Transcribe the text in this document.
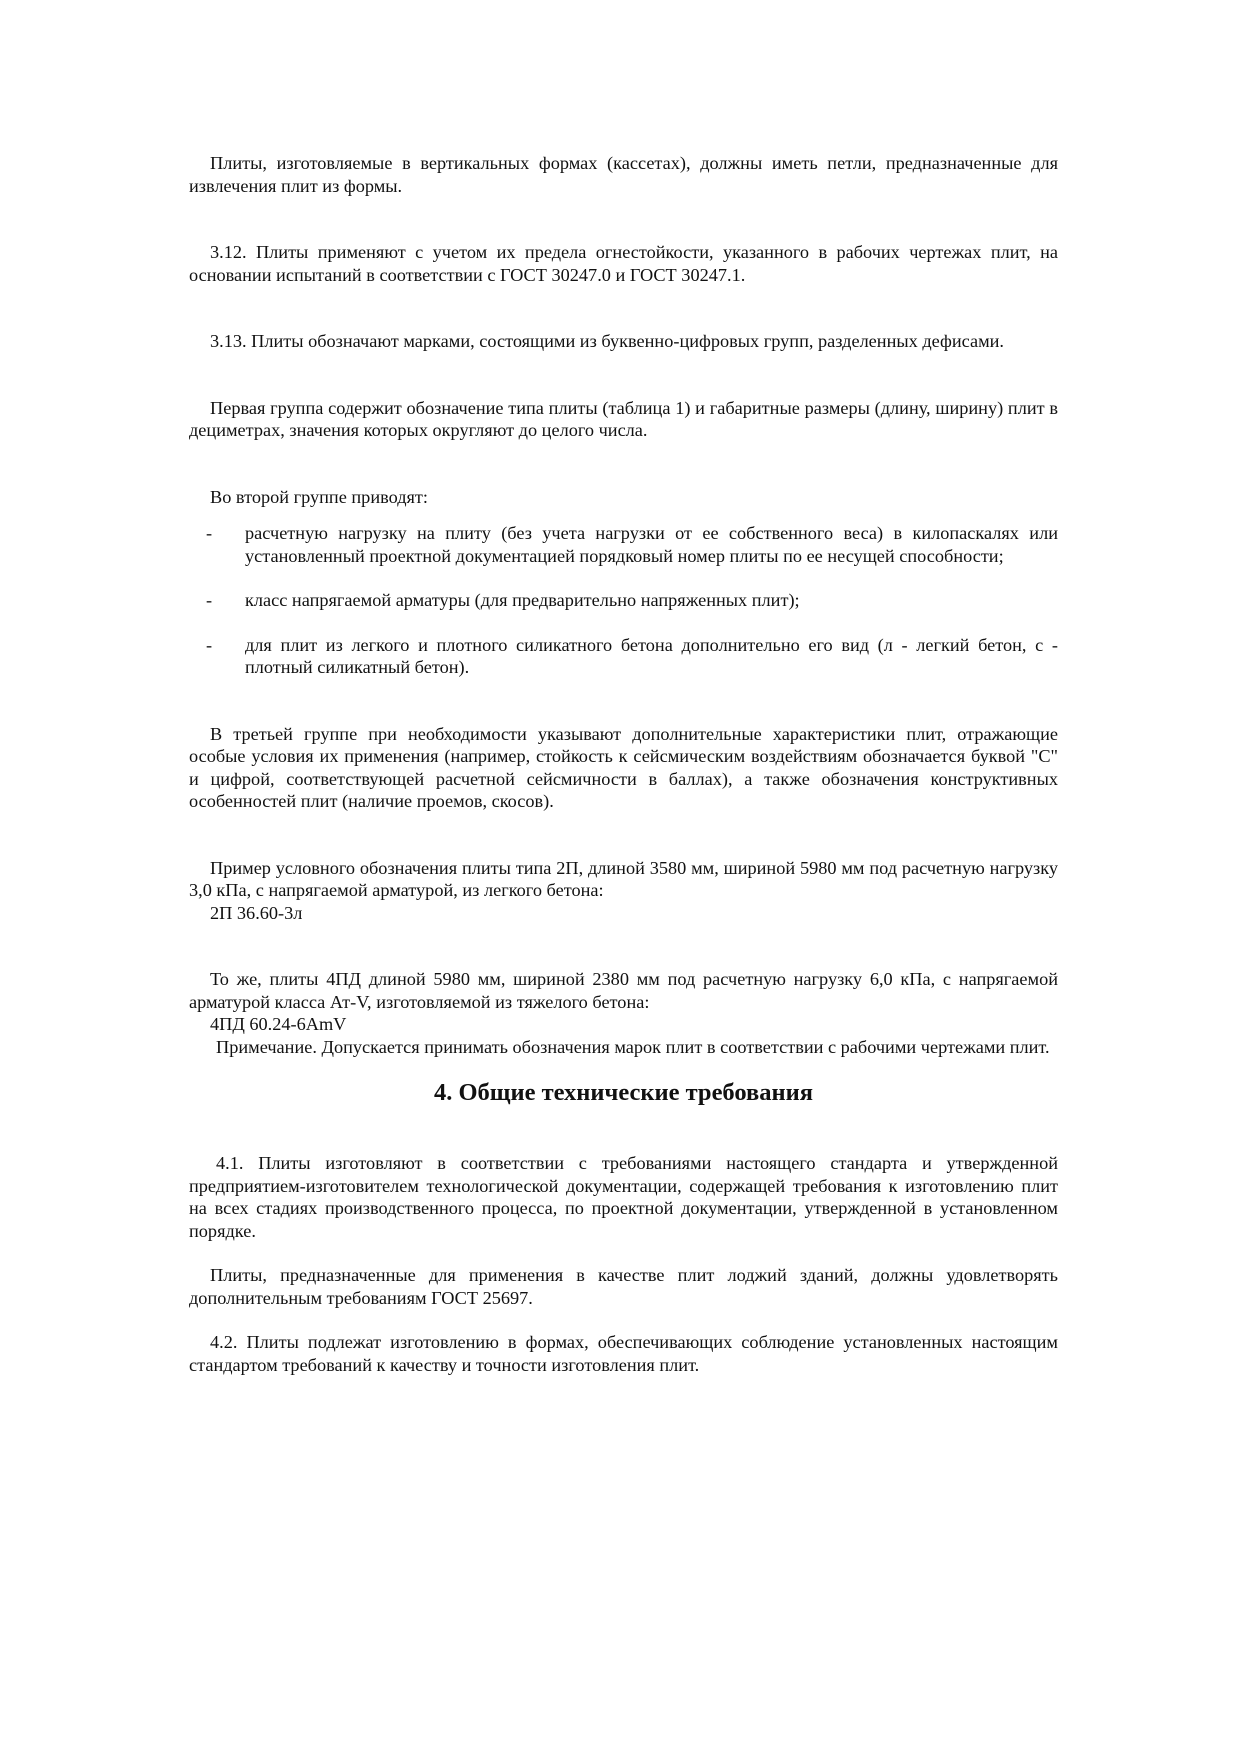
Плиты, изготовляемые в вертикальных формах (кассетах), должны иметь петли, предназначенные для извлечения плит из формы.

3.12. Плиты применяют с учетом их предела огнестойкости, указанного в рабочих чертежах плит, на основании испытаний в соответствии с ГОСТ 30247.0 и ГОСТ 30247.1.

3.13. Плиты обозначают марками, состоящими из буквенно-цифровых групп, разделенных дефисами.

Первая группа содержит обозначение типа плиты (таблица 1) и габаритные размеры (длину, ширину) плит в дециметрах, значения которых округляют до целого числа.

Во второй группе приводят:

- расчетную нагрузку на плиту (без учета нагрузки от ее собственного веса) в килопаскалях или установленный проектной документацией порядковый номер плиты по ее несущей способности;
- класс напрягаемой арматуры (для предварительно напряженных плит);
- для плит из легкого и плотного силикатного бетона дополнительно его вид (л - легкий бетон, с - плотный силикатный бетон).

В третьей группе при необходимости указывают дополнительные характеристики плит, отражающие особые условия их применения (например, стойкость к сейсмическим воздействиям обозначается буквой "С" и цифрой, соответствующей расчетной сейсмичности в баллах), а также обозначения конструктивных особенностей плит (наличие проемов, скосов).

Пример условного обозначения плиты типа 2П, длиной 3580 мм, шириной 5980 мм под расчетную нагрузку 3,0 кПа, с напрягаемой арматурой, из легкого бетона:

2П 36.60-3л

То же, плиты 4ПД длиной 5980 мм, шириной 2380 мм под расчетную нагрузку 6,0 кПа, с напрягаемой арматурой класса Ат-V, изготовляемой из тяжелого бетона:

4ПД 60.24-6AmV

Примечание. Допускается принимать обозначения марок плит в соответствии с рабочими чертежами плит.

4. Общие технические требования

4.1. Плиты изготовляют в соответствии с требованиями настоящего стандарта и утвержденной предприятием-изготовителем технологической документации, содержащей требования к изготовлению плит на всех стадиях производственного процесса, по проектной документации, утвержденной в установленном порядке.

Плиты, предназначенные для применения в качестве плит лоджий зданий, должны удовлетворять дополнительным требованиям ГОСТ 25697.

4.2. Плиты подлежат изготовлению в формах, обеспечивающих соблюдение установленных настоящим стандартом требований к качеству и точности изготовления плит.
